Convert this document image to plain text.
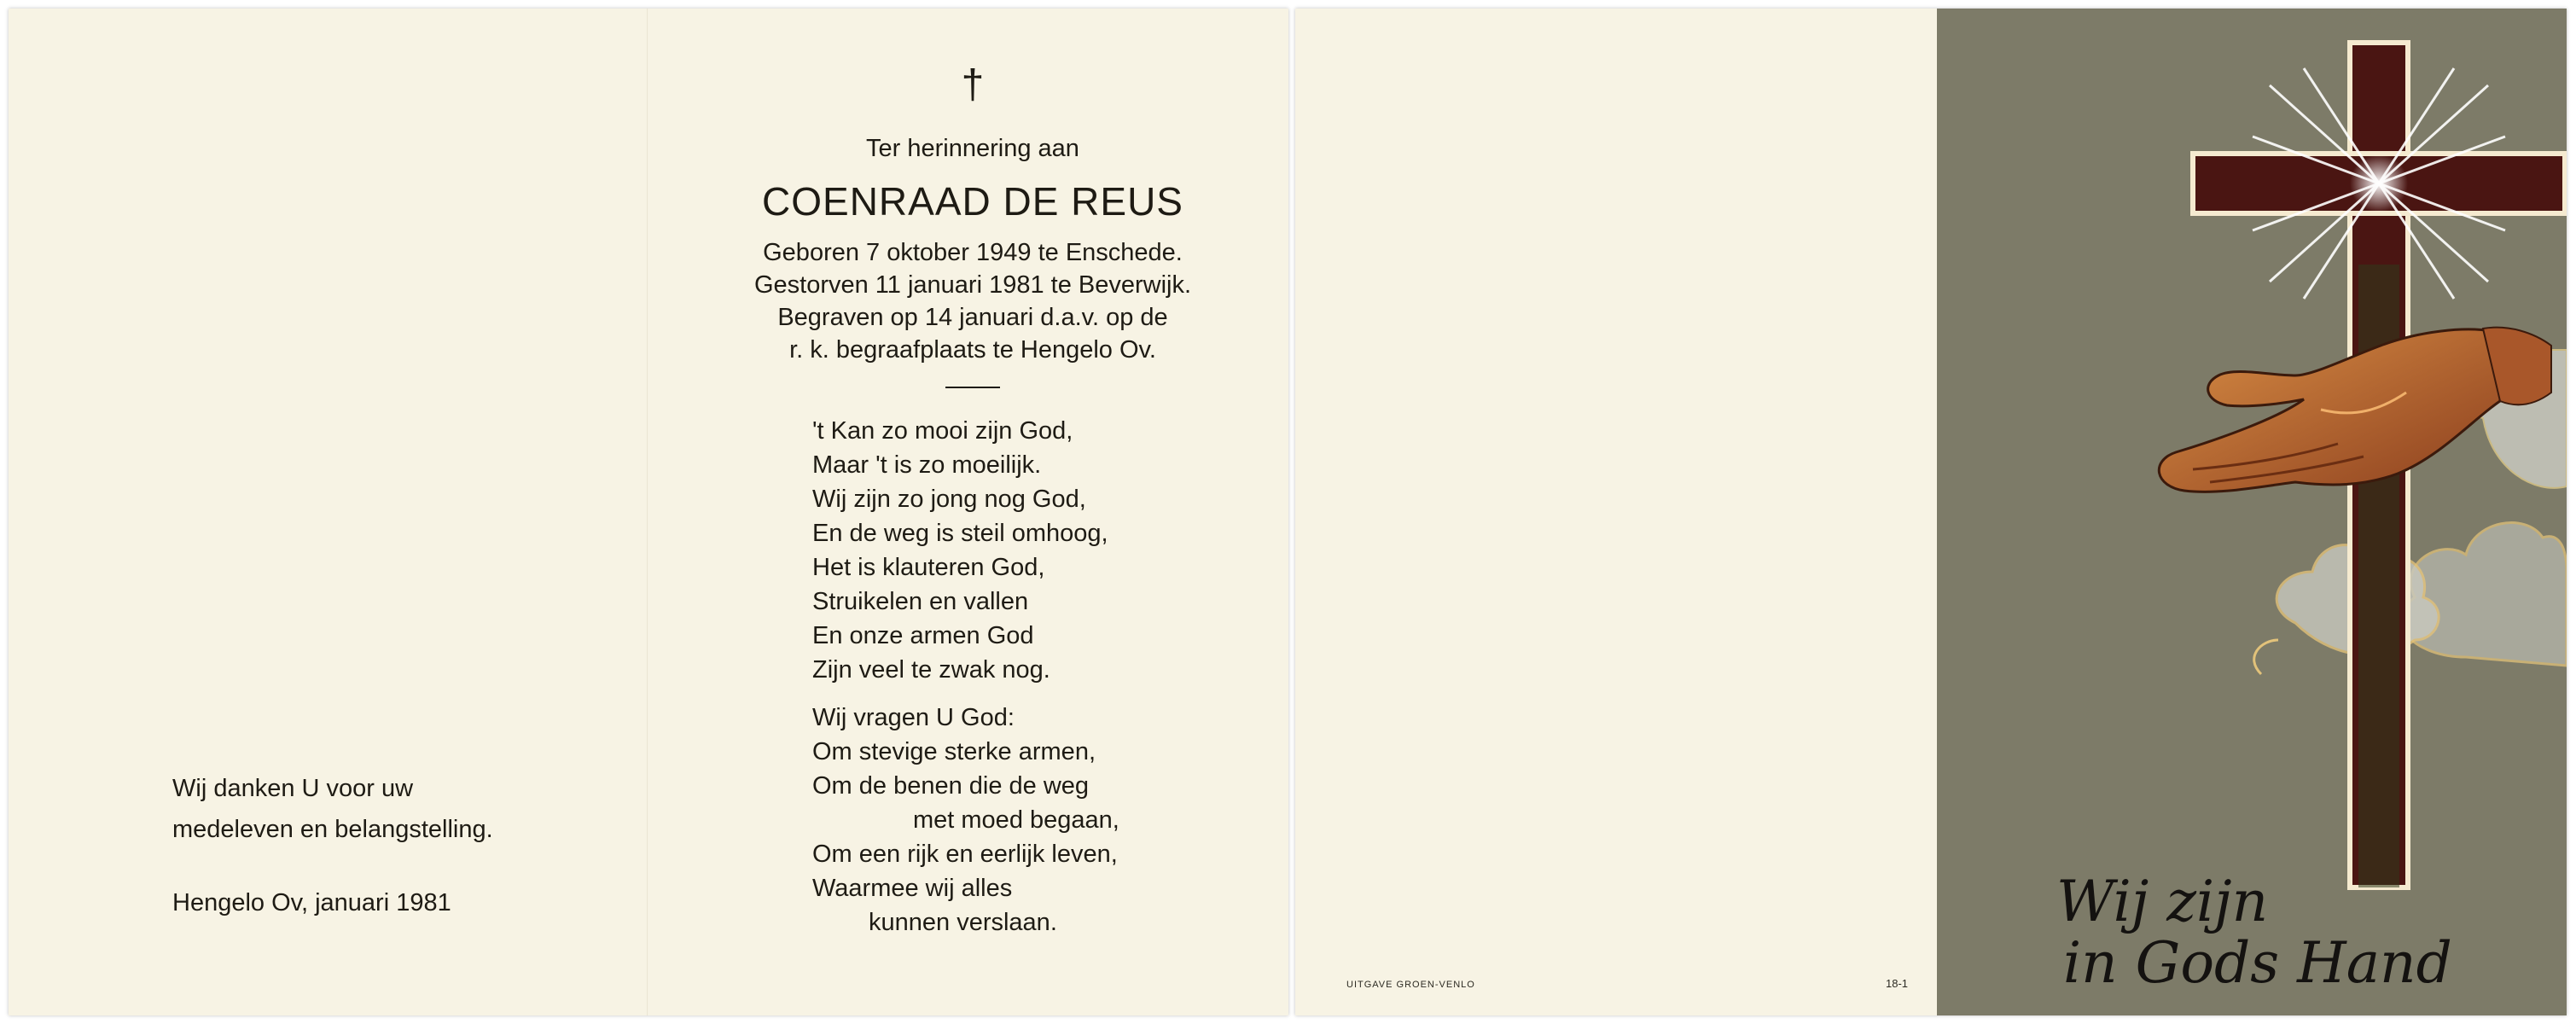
Wij danken U voor uw
medeleven en belangstelling.
Hengelo Ov, januari 1981
†
Ter herinnering aan
COENRAAD DE REUS
Geboren 7 oktober 1949 te Enschede.
Gestorven 11 januari 1981 te Beverwijk.
Begraven op 14 januari d.a.v. op de
r. k. begraafplaats te Hengelo Ov.
't Kan zo mooi zijn God,
Maar 't is zo moeilijk.
Wij zijn zo jong nog God,
En de weg is steil omhoog,
Het is klauteren God,
Struikelen en vallen
En onze armen God
Zijn veel te zwak nog.
Wij vragen U God:
Om stevige sterke armen,
Om de benen die de weg
met moed begaan,
Om een rijk en eerlijk leven,
Waarmee wij alles
kunnen verslaan.
UITGAVE GROEN-VENLO	18-1
Wij zijn
in Gods Hand
